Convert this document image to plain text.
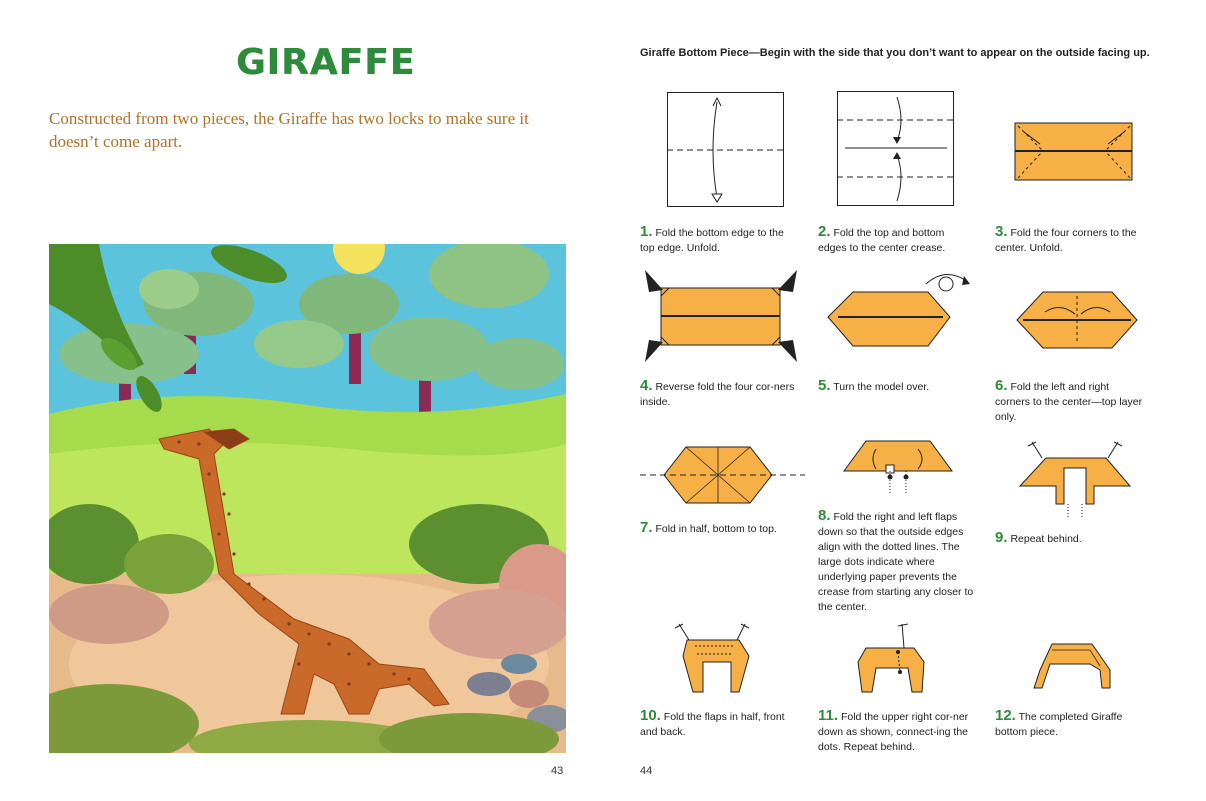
GIRAFFE
Constructed from two pieces, the Giraffe has two locks to make sure it doesn’t come apart.
43
Giraffe Bottom Piece—Begin with the side that you don’t want to appear on the outside facing up.
1. Fold the bottom edge to the top edge. Unfold.
2. Fold the top and bottom edges to the center crease.
3. Fold the four corners to the center. Unfold.
4. Reverse fold the four cor-ners inside.
5. Turn the model over.	6. Fold the left and right corners to the center—top layer only.
7. Fold in half, bottom to top.
8. Fold the right and left flaps down so that the outside edges align with the dotted lines. The large dots indicate where underlying paper prevents the crease from starting any closer to the center.
9. Repeat behind.
10. Fold the flaps in half, front and back.
11. Fold the upper right cor-ner down as shown, connect-ing the dots. Repeat behind.
12. The completed Giraffe bottom piece.
44
